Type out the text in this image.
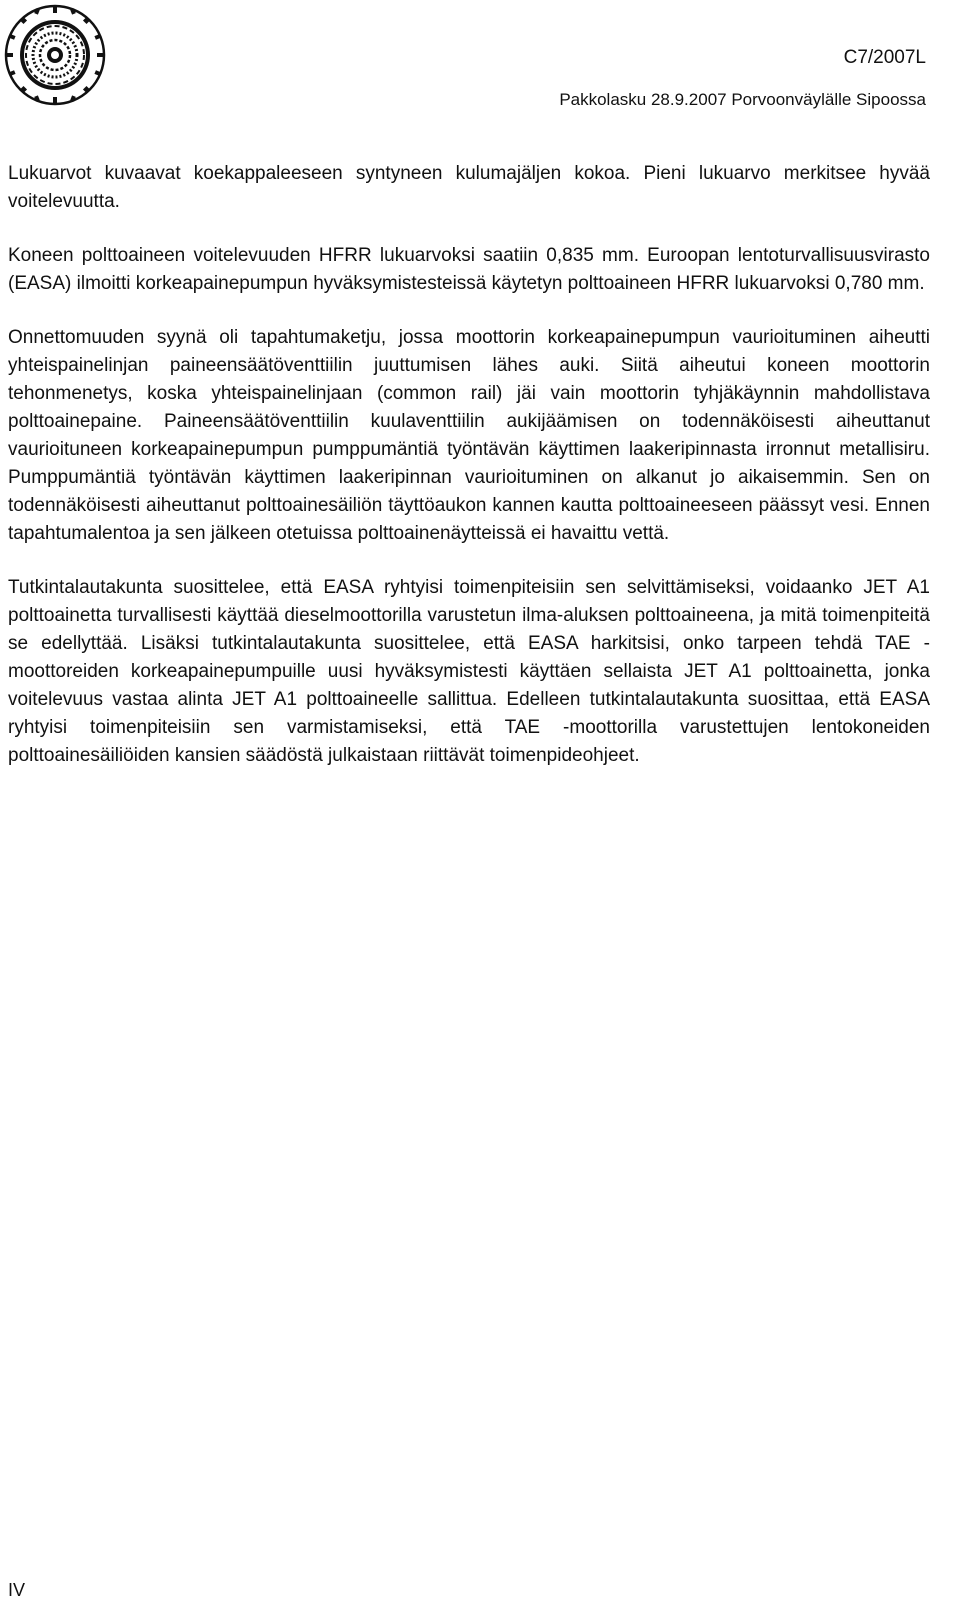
C7/2007L
Pakkolasku 28.9.2007 Porvoonväylälle Sipoossa

Lukuarvot kuvaavat koekappaleeseen syntyneen kulumajäljen kokoa. Pieni lukuarvo merkitsee hyvää voitelevuutta.

Koneen polttoaineen voitelevuuden HFRR lukuarvoksi saatiin 0,835 mm. Euroopan lentoturvallisuusvirasto (EASA) ilmoitti korkeapainepumpun hyväksymistesteissä käytetyn polttoaineen HFRR lukuarvoksi 0,780 mm.

Onnettomuuden syynä oli tapahtumaketju, jossa moottorin korkeapainepumpun vaurioituminen aiheutti yhteispainelinjan paineensäätöventtiilin juuttumisen lähes auki. Siitä aiheutui koneen moottorin tehonmenetys, koska yhteispainelinjaan (common rail) jäi vain moottorin tyhjäkäynnin mahdollistava polttoainepaine. Paineensäätöventtiilin kuulaventtiilin aukijäämisen on todennäköisesti aiheuttanut vaurioituneen korkeapainepumpun pumppumäntiä työntävän käyttimen laakeripinnasta irronnut metallisiru. Pumppumäntiä työntävän käyttimen laakeripinnan vaurioituminen on alkanut jo aikaisemmin. Sen on todennäköisesti aiheuttanut polttoainesäiliön täyttöaukon kannen kautta polttoaineeseen päässyt vesi. Ennen tapahtumalentoa ja sen jälkeen otetuissa polttoainenäytteissä ei havaittu vettä.

Tutkintalautakunta suosittelee, että EASA ryhtyisi toimenpiteisiin sen selvittämiseksi, voidaanko JET A1 polttoainetta turvallisesti käyttää dieselmoottorilla varustetun ilma-aluksen polttoaineena, ja mitä toimenpiteitä se edellyttää. Lisäksi tutkintalautakunta suosittelee, että EASA harkitsisi, onko tarpeen tehdä TAE -moottoreiden korkeapainepumpuille uusi hyväksymistesti käyttäen sellaista JET A1 polttoainetta, jonka voitelevuus vastaa alinta JET A1 polttoaineelle sallittua. Edelleen tutkintalautakunta suosittaa, että EASA ryhtyisi toimenpiteisiin sen varmistamiseksi, että TAE -moottorilla varustettujen lentokoneiden polttoainesäiliöiden kansien säädöstä julkaistaan riittävät toimenpideohjeet.

IV
